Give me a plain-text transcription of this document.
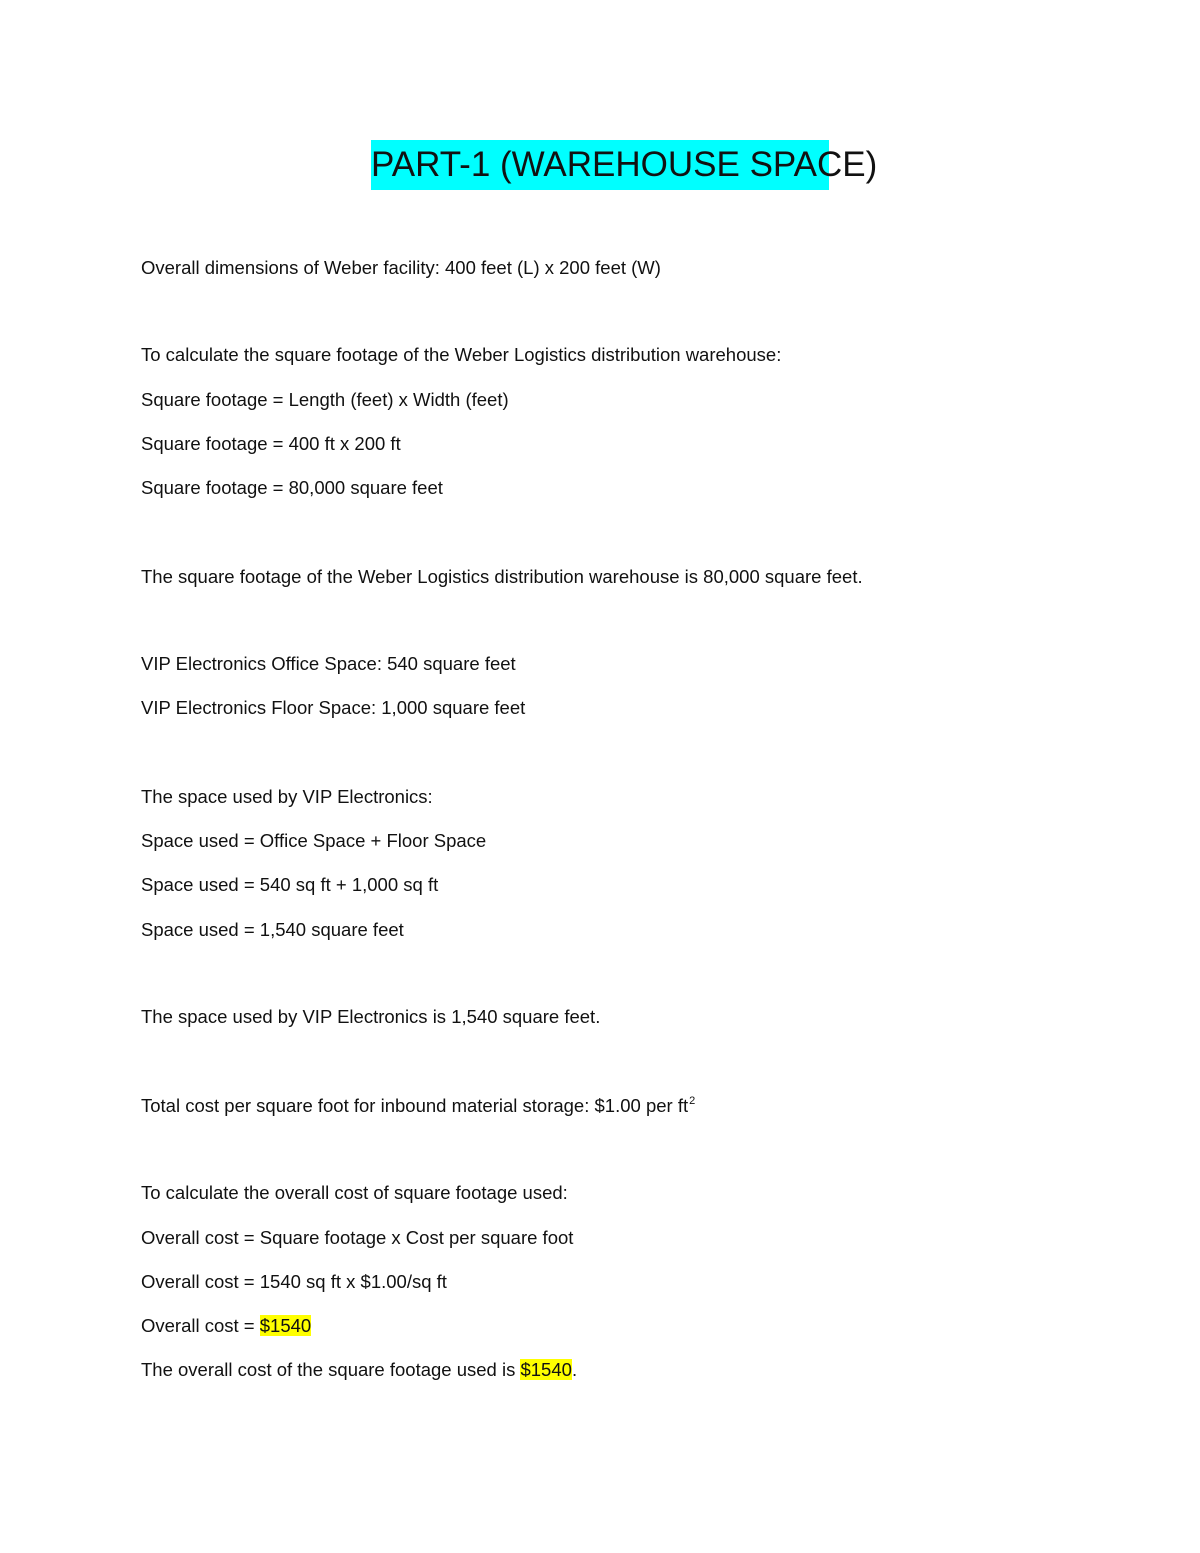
PART-1 (WAREHOUSE SPACE)
Overall dimensions of Weber facility: 400 feet (L) x 200 feet (W)
To calculate the square footage of the Weber Logistics distribution warehouse:
Square footage = Length (feet) x Width (feet)
Square footage = 400 ft x 200 ft
Square footage = 80,000 square feet
The square footage of the Weber Logistics distribution warehouse is 80,000 square feet.
VIP Electronics Office Space: 540 square feet
VIP Electronics Floor Space: 1,000 square feet
The space used by VIP Electronics:
Space used = Office Space + Floor Space
Space used = 540 sq ft + 1,000 sq ft
Space used = 1,540 square feet
The space used by VIP Electronics is 1,540 square feet.
Total cost per square foot for inbound material storage: $1.00 per $ft^2$
To calculate the overall cost of square footage used:
Overall cost = Square footage x Cost per square foot
Overall cost = 1540 sq ft x $1.00/sq ft
Overall cost = $1540
The overall cost of the square footage used is $1540.
